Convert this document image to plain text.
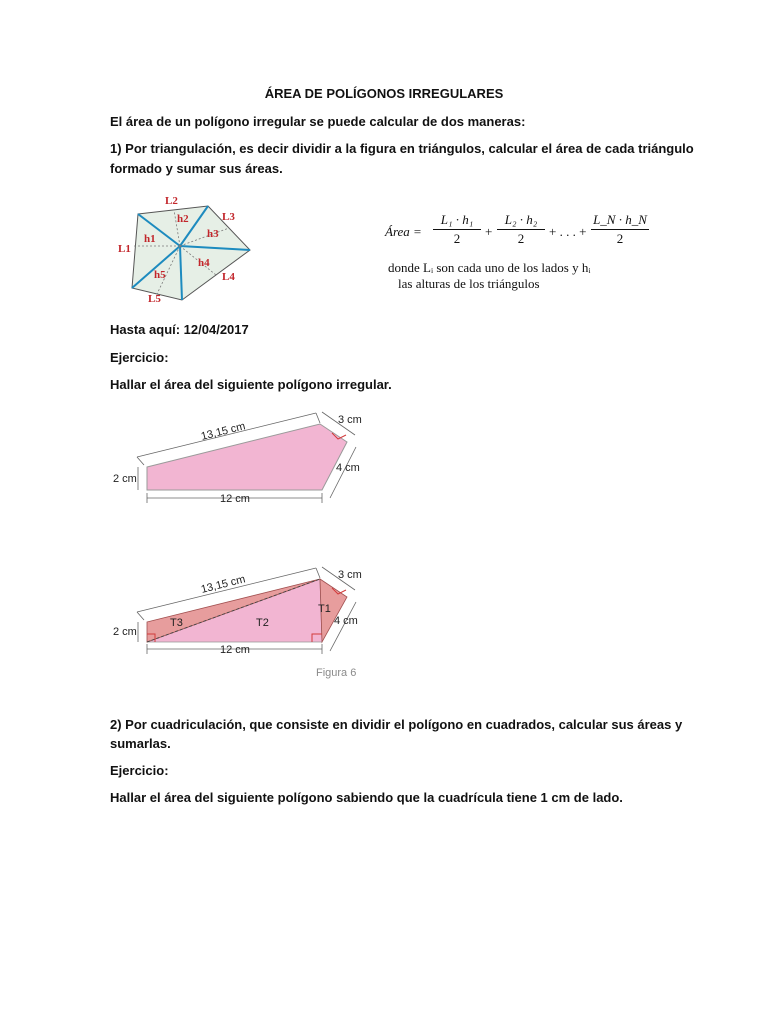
ÁREA DE POLÍGONOS IRREGULARES
El área de un polígono irregular se puede calcular de dos maneras:
1) Por triangulación, es decir dividir a la figura en triángulos, calcular el área de cada triángulo
formado y sumar sus áreas.
L2
L3
L1
L4
L5
h1
h2
h3
h4
h5
Área =
L₁ · h₁
2	+
L₂ · h₂
2	+ . . . +
L_N · h_N
2
donde Lᵢ son cada uno de los lados y hᵢ
las alturas de los triángulos
Hasta aquí: 12/04/2017
Ejercicio:
Hallar el área del siguiente polígono irregular.
13,15 cm
3 cm
4 cm
2 cm
12 cm
13,15 cm	3 cm
4 cm
2 cm
12 cm
T1
T2
T3
Figura 6
2) Por cuadriculación, que consiste en dividir el polígono en cuadrados, calcular sus áreas y
sumarlas.
Ejercicio:
Hallar el área del siguiente polígono sabiendo que la cuadrícula tiene 1 cm de lado.
